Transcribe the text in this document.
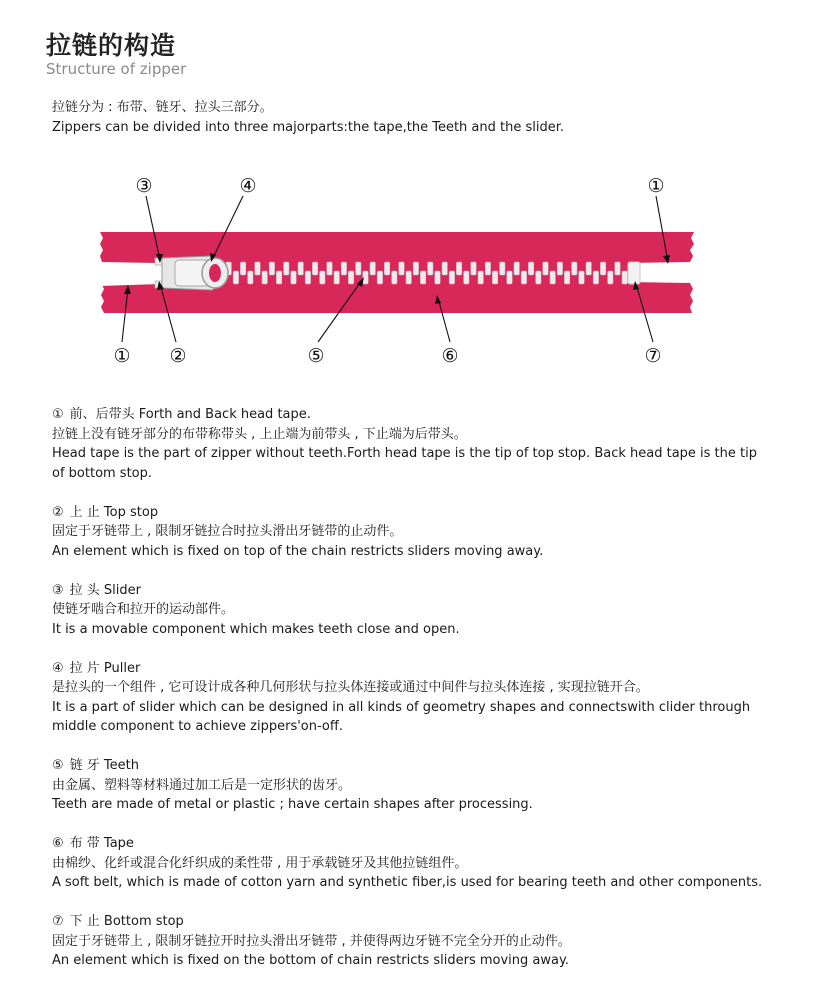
拉链的构造
Structure of zipper
拉链分为 : 布带、链牙、拉头三部分。
Zippers can be divided into three majorparts:the tape,the Teeth and the slider.
③	④	①
① ②	⑤	⑥	⑦

① 前、后带头 Forth and Back head tape.

拉链上没有链牙部分的布带称带头 , 上止端为前带头 , 下止端为后带头。

Head tape is the part of zipper without teeth.Forth head tape is the tip of top stop. Back head tape is the tip of bottom stop.

② 上 止 Top stop

固定于牙链带上 , 限制牙链拉合时拉头滑出牙链带的止动件。

An element which is fixed on top of the chain restricts sliders moving away.

③ 拉 头 Slider

使链牙啮合和拉开的运动部件。

It is a movable component which makes teeth close and open.

④ 拉 片 Puller

是拉头的一个组件 , 它可设计成各种几何形状与拉头体连接或通过中间件与拉头体连接 , 实现拉链开合。

It is a part of slider which can be designed in all kinds of geometry shapes and connectswith clider through middle component to achieve zippers'on-off.

⑤ 链 牙 Teeth

由金属、塑料等材料通过加工后是一定形状的齿牙。

Teeth are made of metal or plastic ; have certain shapes after processing.

⑥ 布 带 Tape

由棉纱、化纤或混合化纤织成的柔性带 , 用于承载链牙及其他拉链组件。

A soft belt, which is made of cotton yarn and synthetic fiber,is used for bearing teeth and other components.

⑦ 下 止 Bottom stop

固定于牙链带上 , 限制牙链拉开时拉头滑出牙链带 , 并使得两边牙链不完全分开的止动件。

An element which is fixed on the bottom of chain restricts sliders moving away.
